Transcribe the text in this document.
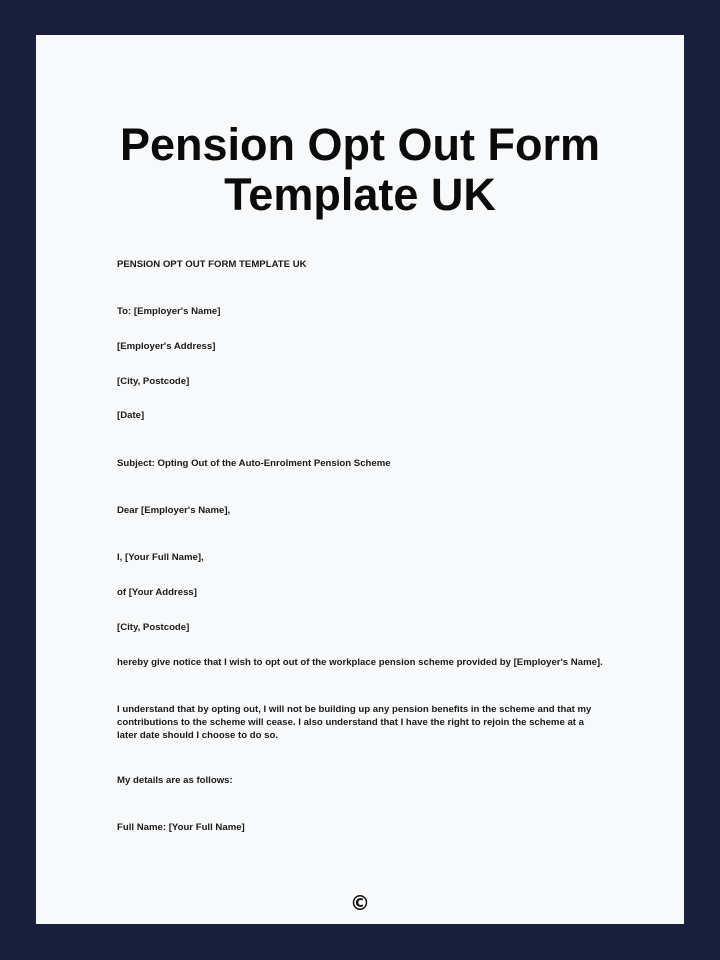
Pension Opt Out Form
Template UK

PENSION OPT OUT FORM TEMPLATE UK

To: [Employer's Name]

[Employer's Address]

[City, Postcode]

[Date]

Subject: Opting Out of the Auto-Enrolment Pension Scheme

Dear [Employer's Name],

I, [Your Full Name],

of [Your Address]

[City, Postcode]

hereby give notice that I wish to opt out of the workplace pension scheme provided by [Employer's Name].

I understand that by opting out, I will not be building up any pension benefits in the scheme and that my contributions to the scheme will cease. I also understand that I have the right to rejoin the scheme at a later date should I choose to do so.

My details are as follows:

Full Name: [Your Full Name]

©
